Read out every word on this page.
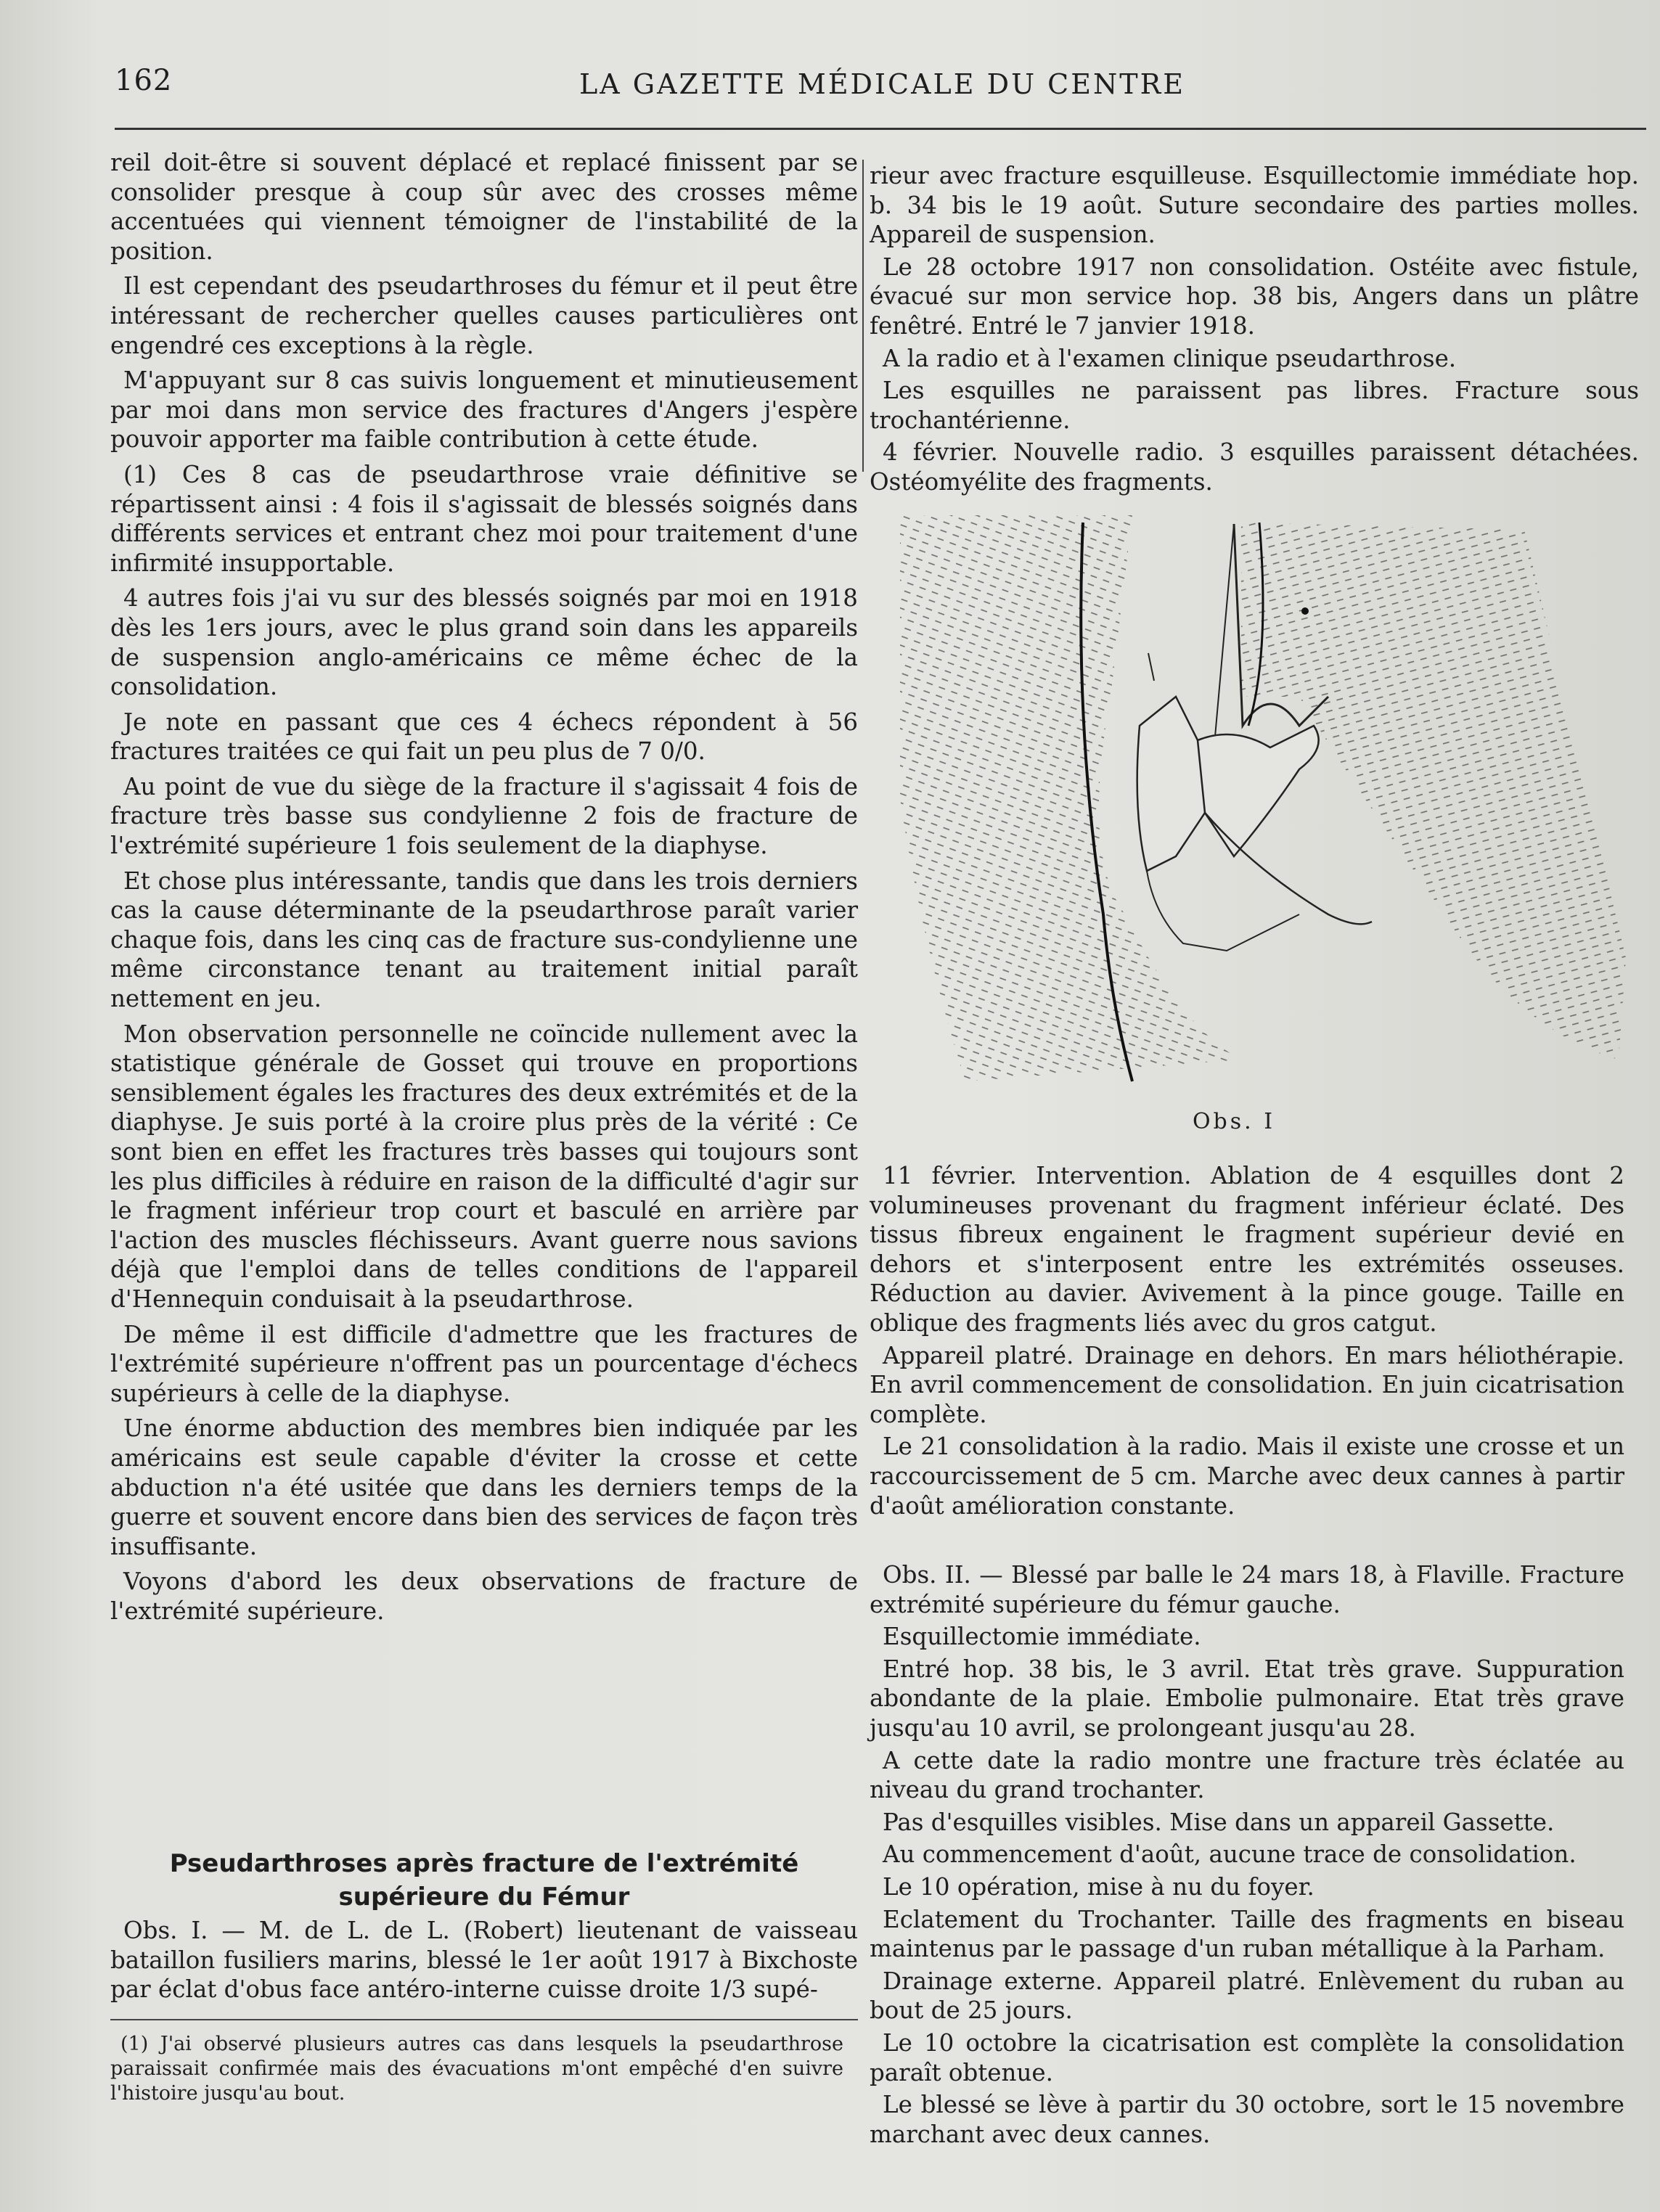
162	LA GAZETTE MÉDICALE DU CENTRE

reil doit-être si souvent déplacé et replacé finissent par se consolider presque à coup sûr avec des crosses même accentuées qui viennent témoigner de l'instabilité de la position.

Il est cependant des pseudarthroses du fémur et il peut être intéressant de rechercher quelles causes particulières ont engendré ces exceptions à la règle.

M'appuyant sur 8 cas suivis longuement et minutieusement par moi dans mon service des fractures d'Angers j'espère pouvoir apporter ma faible contribution à cette étude.

(1) Ces 8 cas de pseudarthrose vraie définitive se répartissent ainsi : 4 fois il s'agissait de blessés soignés dans différents services et entrant chez moi pour traitement d'une infirmité insupportable.

4 autres fois j'ai vu sur des blessés soignés par moi en 1918 dès les 1ers jours, avec le plus grand soin dans les appareils de suspension anglo-américains ce même échec de la consolidation.

Je note en passant que ces 4 échecs répondent à 56 fractures traitées ce qui fait un peu plus de 7 0/0.

Au point de vue du siège de la fracture il s'agissait 4 fois de fracture très basse sus condylienne 2 fois de fracture de l'extrémité supérieure 1 fois seulement de la diaphyse.

Et chose plus intéressante, tandis que dans les trois derniers cas la cause déterminante de la pseudarthrose paraît varier chaque fois, dans les cinq cas de fracture sus-condylienne une même circonstance tenant au traitement initial paraît nettement en jeu.

Mon observation personnelle ne coïncide nullement avec la statistique générale de Gosset qui trouve en proportions sensiblement égales les fractures des deux extrémités et de la diaphyse. Je suis porté à la croire plus près de la vérité : Ce sont bien en effet les fractures très basses qui toujours sont les plus difficiles à réduire en raison de la difficulté d'agir sur le fragment inférieur trop court et basculé en arrière par l'action des muscles fléchisseurs. Avant guerre nous savions déjà que l'emploi dans de telles conditions de l'appareil d'Hennequin conduisait à la pseudarthrose.

De même il est difficile d'admettre que les fractures de l'extrémité supérieure n'offrent pas un pourcentage d'échecs supérieurs à celle de la diaphyse.

Une énorme abduction des membres bien indiquée par les américains est seule capable d'éviter la crosse et cette abduction n'a été usitée que dans les derniers temps de la guerre et souvent encore dans bien des services de façon très insuffisante.

Voyons d'abord les deux observations de fracture de l'extrémité supérieure.

Pseudarthroses après fracture de l'extrémité
supérieure du Fémur

Obs. I. — M. de L. de L. (Robert) lieutenant de vaisseau bataillon fusiliers marins, blessé le 1er août 1917 à Bixchoste par éclat d'obus face antéro-interne cuisse droite 1/3 supé-

(1) J'ai observé plusieurs autres cas dans lesquels la pseudarthrose paraissait confirmée mais des évacuations m'ont empêché d'en suivre l'histoire jusqu'au bout.

rieur avec fracture esquilleuse. Esquillectomie immédiate hop. b. 34 bis le 19 août. Suture secondaire des parties molles. Appareil de suspension.

Le 28 octobre 1917 non consolidation. Ostéite avec fistule, évacué sur mon service hop. 38 bis, Angers dans un plâtre fenêtré. Entré le 7 janvier 1918.

A la radio et à l'examen clinique pseudarthrose.

Les esquilles ne paraissent pas libres. Fracture sous trochantérienne.

4 février. Nouvelle radio. 3 esquilles paraissent détachées. Ostéomyélite des fragments.

Obs. I

11 février. Intervention. Ablation de 4 esquilles dont 2 volumineuses provenant du fragment inférieur éclaté. Des tissus fibreux engainent le fragment supérieur devié en dehors et s'interposent entre les extrémités osseuses. Réduction au davier. Avivement à la pince gouge. Taille en oblique des fragments liés avec du gros catgut.

Appareil platré. Drainage en dehors. En mars héliothérapie. En avril commencement de consolidation. En juin cicatrisation complète.

Le 21 consolidation à la radio. Mais il existe une crosse et un raccourcissement de 5 cm. Marche avec deux cannes à partir d'août amélioration constante.

Obs. II. — Blessé par balle le 24 mars 18, à Flaville. Fracture extrémité supérieure du fémur gauche.

Esquillectomie immédiate.

Entré hop. 38 bis, le 3 avril. Etat très grave. Suppuration abondante de la plaie. Embolie pulmonaire. Etat très grave jusqu'au 10 avril, se prolongeant jusqu'au 28.

A cette date la radio montre une fracture très éclatée au niveau du grand trochanter.

Pas d'esquilles visibles. Mise dans un appareil Gassette.

Au commencement d'août, aucune trace de consolidation.

Le 10 opération, mise à nu du foyer.

Eclatement du Trochanter. Taille des fragments en biseau maintenus par le passage d'un ruban métallique à la Parham.

Drainage externe. Appareil platré. Enlèvement du ruban au bout de 25 jours.

Le 10 octobre la cicatrisation est complète la consolidation paraît obtenue.

Le blessé se lève à partir du 30 octobre, sort le 15 novembre marchant avec deux cannes.
